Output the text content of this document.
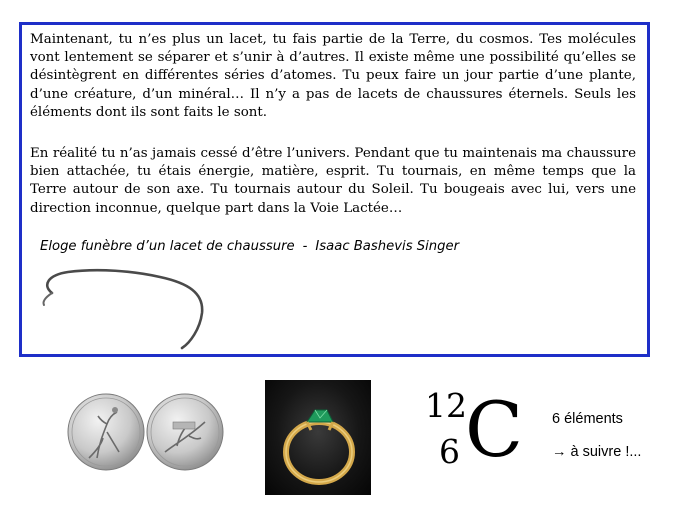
Maintenant, tu n’es plus un lacet, tu fais partie de la Terre, du cosmos. Tes molécules vont lentement se séparer et s’unir à d’autres. Il existe même une possibilité qu’elles se désintègrent en différentes séries d’atomes. Tu peux faire un jour partie d’une plante, d’une créature, d’un minéral… Il n’y a pas de lacets de chaussures éternels. Seuls les éléments dont ils sont faits le sont.

En réalité tu n’as jamais cessé d’être l’univers. Pendant que tu maintenais ma chaussure bien attachée, tu étais énergie, matière, esprit. Tu tournais, en même temps que la Terre autour de son axe. Tu tournais autour du Soleil. Tu bougeais avec lui, vers une direction inconnue, quelque part dans la Voie Lactée…

Eloge funèbre d’un lacet de chaussure - Isaac Bashevis Singer
12
6 C 6 éléments
→ à suivre !...
